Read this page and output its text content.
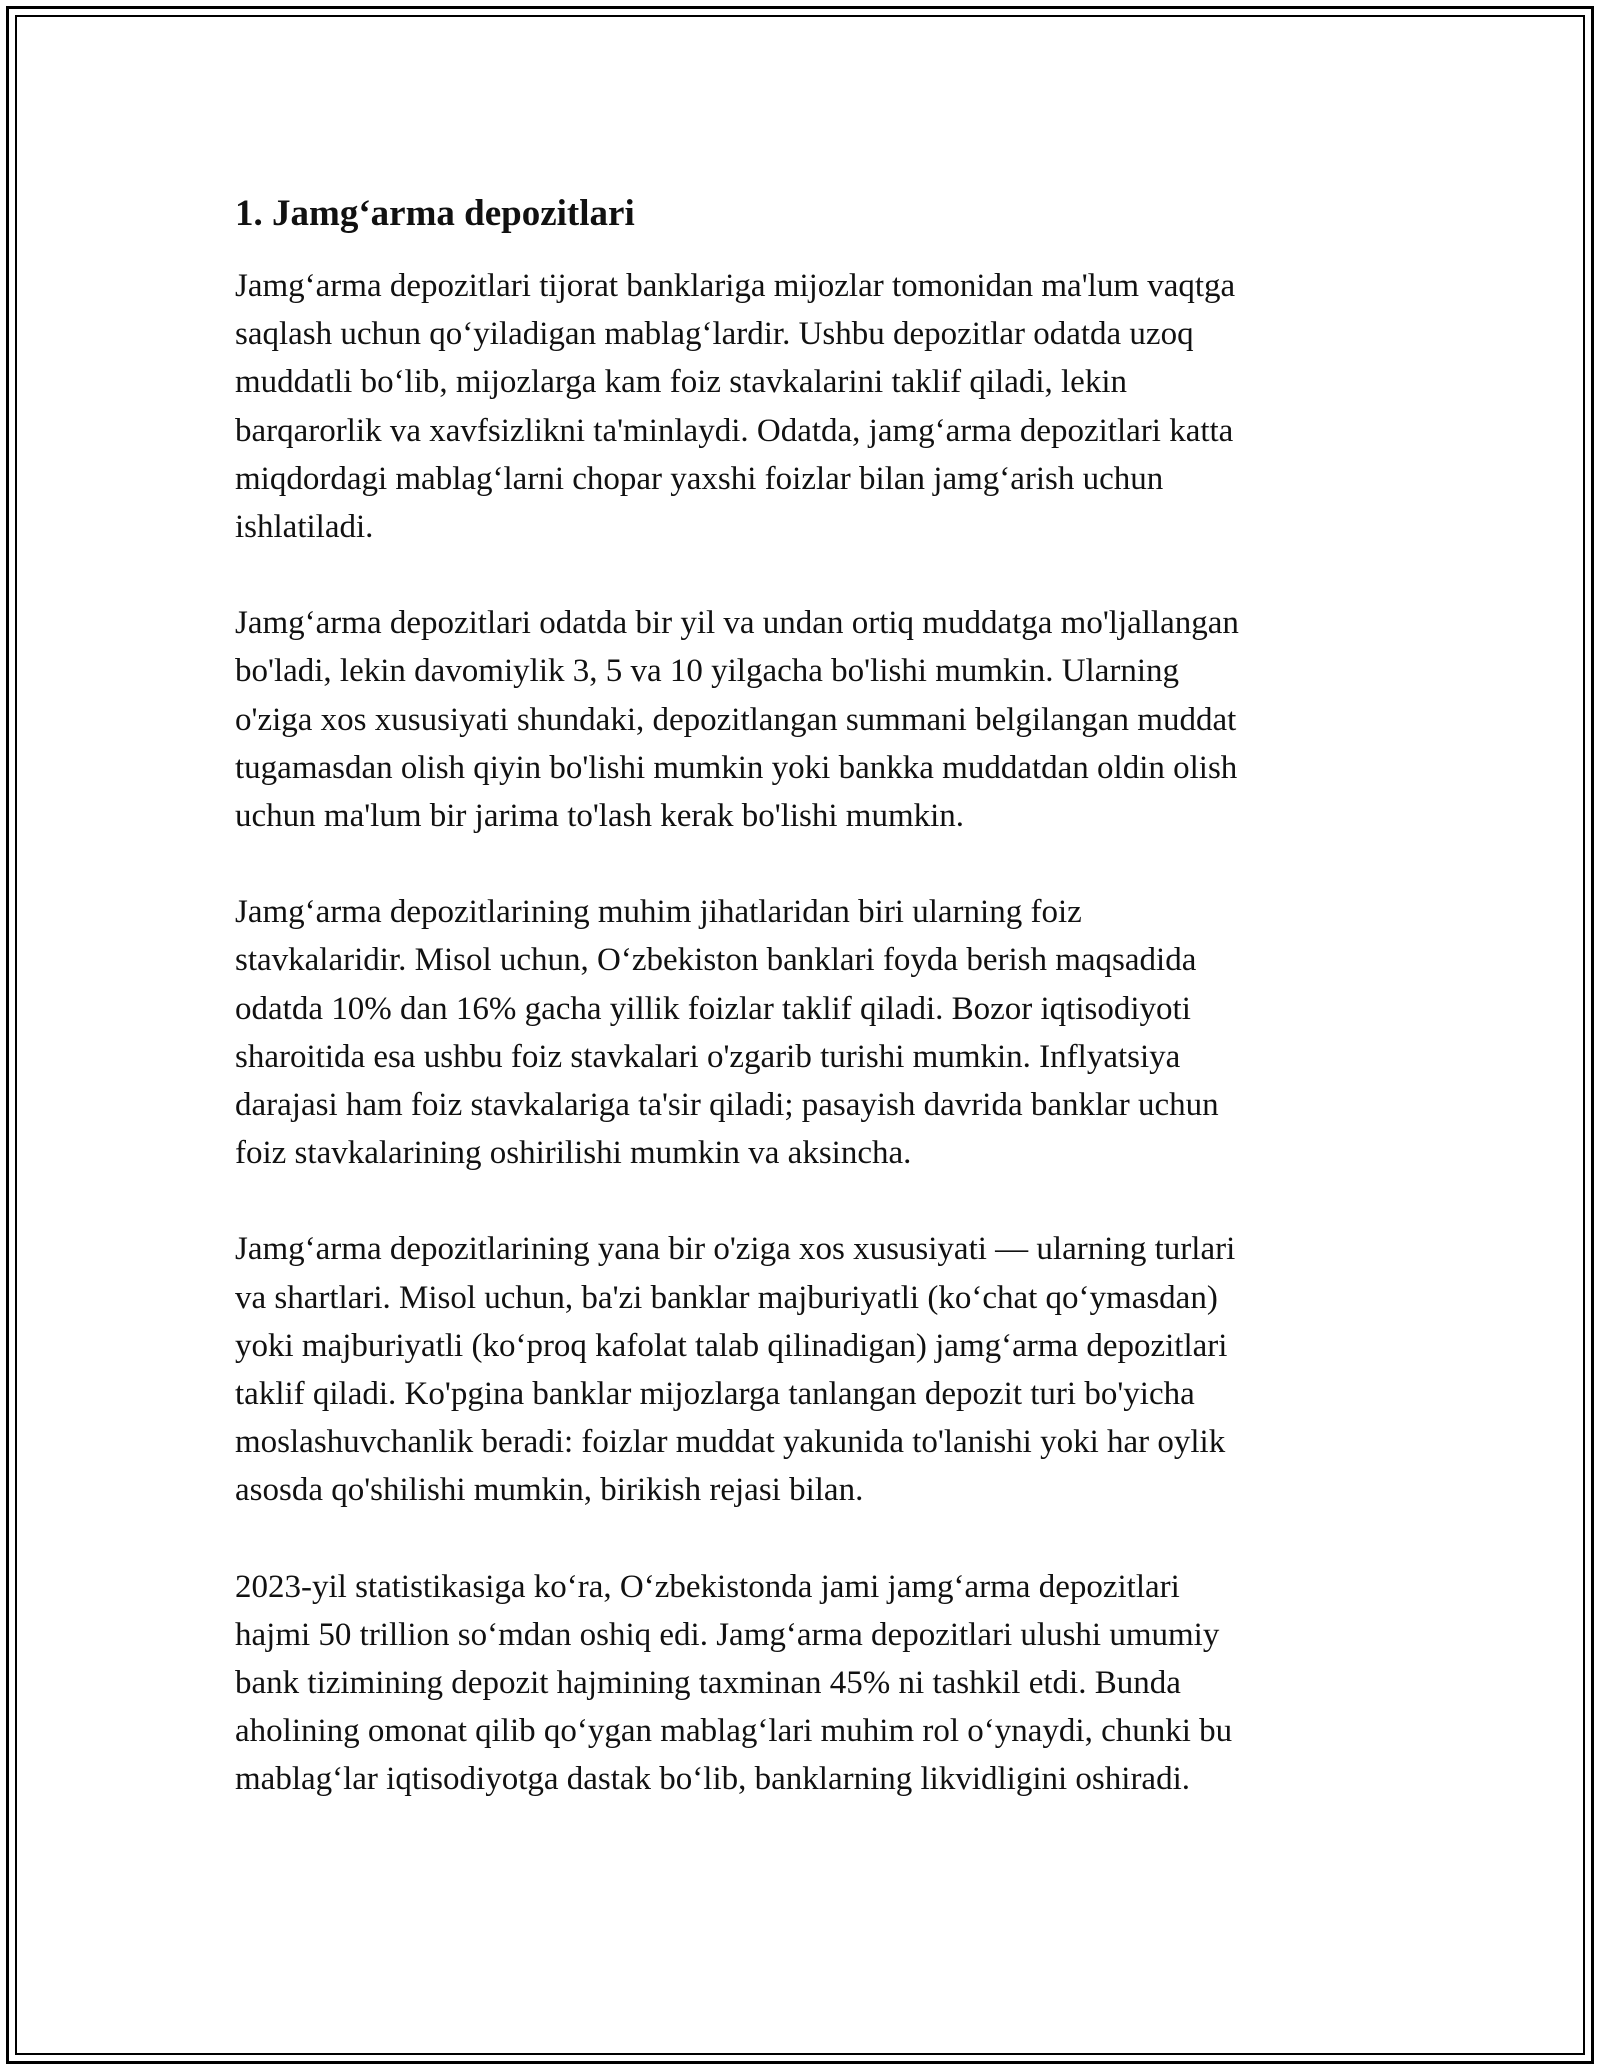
1. Jamg‘arma depozitlari

Jamg‘arma depozitlari tijorat banklariga mijozlar tomonidan ma'lum vaqtga
saqlash uchun qo‘yiladigan mablag‘lardir. Ushbu depozitlar odatda uzoq
muddatli bo‘lib, mijozlarga kam foiz stavkalarini taklif qiladi, lekin
barqarorlik va xavfsizlikni ta'minlaydi. Odatda, jamg‘arma depozitlari katta
miqdordagi mablag‘larni chopar yaxshi foizlar bilan jamg‘arish uchun
ishlatiladi.

Jamg‘arma depozitlari odatda bir yil va undan ortiq muddatga mo'ljallangan
bo'ladi, lekin davomiylik 3, 5 va 10 yilgacha bo'lishi mumkin. Ularning
o'ziga xos xususiyati shundaki, depozitlangan summani belgilangan muddat
tugamasdan olish qiyin bo'lishi mumkin yoki bankka muddatdan oldin olish
uchun ma'lum bir jarima to'lash kerak bo'lishi mumkin.

Jamg‘arma depozitlarining muhim jihatlaridan biri ularning foiz
stavkalaridir. Misol uchun, O‘zbekiston banklari foyda berish maqsadida
odatda 10% dan 16% gacha yillik foizlar taklif qiladi. Bozor iqtisodiyoti
sharoitida esa ushbu foiz stavkalari o'zgarib turishi mumkin. Inflyatsiya
darajasi ham foiz stavkalariga ta'sir qiladi; pasayish davrida banklar uchun
foiz stavkalarining oshirilishi mumkin va aksincha.

Jamg‘arma depozitlarining yana bir o'ziga xos xususiyati — ularning turlari
va shartlari. Misol uchun, ba'zi banklar majburiyatli (ko‘chat qo‘ymasdan)
yoki majburiyatli (ko‘proq kafolat talab qilinadigan) jamg‘arma depozitlari
taklif qiladi. Ko'pgina banklar mijozlarga tanlangan depozit turi bo'yicha
moslashuvchanlik beradi: foizlar muddat yakunida to'lanishi yoki har oylik
asosda qo'shilishi mumkin, birikish rejasi bilan.

2023-yil statistikasiga ko‘ra, O‘zbekistonda jami jamg‘arma depozitlari
hajmi 50 trillion so‘mdan oshiq edi. Jamg‘arma depozitlari ulushi umumiy
bank tizimining depozit hajmining taxminan 45% ni tashkil etdi. Bunda
aholining omonat qilib qo‘ygan mablag‘lari muhim rol o‘ynaydi, chunki bu
mablag‘lar iqtisodiyotga dastak bo‘lib, banklarning likvidligini oshiradi.
